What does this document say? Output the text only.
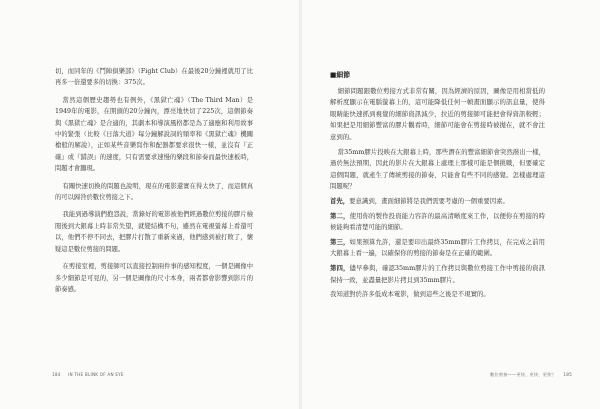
切，而同年的《鬥陣俱樂部》（Fight Club）在最後20分鐘裡就用了比再多一倍還要多的切換：375次。

當然這個歷史趨勢也有例外，《黑獄亡魂》（The Third Man）是1949年的電影，在開頭的20分鐘內，漂亮地快切了225次，這個節奏與《黑獄亡魂》是合適的，其劇本和導演風格都是為了適應和利用故事中的緊張（比較《日落大道》每分鐘解說詞的頻率和《黑獄亡魂》機關槍般的解說），正如某些音樂寫作和配器都要求很快一樣，並沒有『正確』或『錯誤』的速度，只有需要求速慢的樂段和節奏而最快速板時，問題才會顯現。

有關快速切換的問題也說明，現在的電影還實在得太快了，而這個真的可以歸咎於數位剪接之下。

我能到過導演們抱怨說，當錄好的電影被他們經過數位剪接的膠片檢閱後到大銀幕上時非常失望，就變結構不句，雖然在電視螢幕上看還可以，他們不停不同去，把膠片打散了重新來過，他們感到被打敗了，懷疑這是數位剪接的問題。

在剪接室裡，剪接師可以直接控制兩件事的感知程度，一個是圖像中多少細節是可見的，另一個是圖像的尺寸本身，兩者都會影響到影片的節奏感。

184 IN THE BLINK OF AN EYE
■細節

細節問題跟數位剪接方式非常有關，因為經濟的原因，圖像是用相當低的解析度顯示在電腦螢幕上的，這可能降低任何一幀畫面顯示的訊息量，使得眼睛能快速抓到視覺的細節資訊減少，拉近的剪接師可能把會得資訊較輕；如果把是用細節豐富的膠片觀看時，細節可能會在剪接時被拋在，就不會注意到的。

當35mm膠片投映在大銀幕上時，那些潛在的豐富細節會突然潑出一樣，過於無法預期，因此的影片在大銀幕上處理上那樣可能是個挑戰，但要確定這個問題，就產生了傳統剪接的節奏，只能會有些不同的感覺。怎樣處理這問題呢？

首先，要意識到，畫面細節將是我們需要考慮的一個重要因素。

第二，使用你的製作投資能力容許的最高清晰度來工作，以便你在剪接的時候能夠看清楚可能的細節。

第三，如果預算允許，還是要印出最終35mm膠片工作拷貝，在完成之前用大銀幕上看一遍，以確保你的剪接的節奏是在正確的範圍。

第四，儘早參與，確認35mm膠片的工作拷貝與數位剪接工作中剪接的資訊保持一致，並盡量把影片拷貝到35mm膠片。

我知道對於許多低成本電影，做到這些之後是不現實的。

數位剪接——更快、更快、更快？ 185
